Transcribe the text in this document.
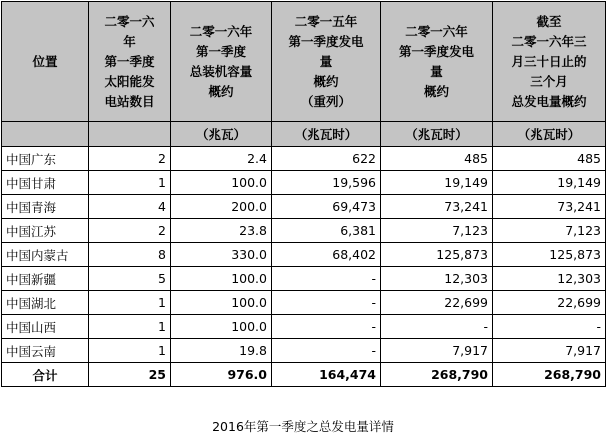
位置	二零一六
年
第一季度
太阳能发
电站数目	二零一六年
第一季度
总装机容量
概约	二零一五年
第一季度发电
量
概约
（重列）	二零一六年
第一季度发电
量
概约	截至
二零一六年三
月三十日止的
三个月
总发电量概约

		（兆瓦）	（兆瓦时）	（兆瓦时）	（兆瓦时）
中国广东	2	2.4	622	485	485
中国甘肃	1	100.0	19,596	19,149	19,149
中国青海	4	200.0	69,473	73,241	73,241
中国江苏	2	23.8	6,381	7,123	7,123
中国内蒙古	8	330.0	68,402	125,873	125,873
中国新疆	5	100.0	-	12,303	12,303
中国湖北	1	100.0	-	22,699	22,699
中国山西	1	100.0	-	-	-
中国云南	1	19.8	-	7,917	7,917
合计	25	976.0	164,474	268,790	268,790
2016年第一季度之总发电量详情
